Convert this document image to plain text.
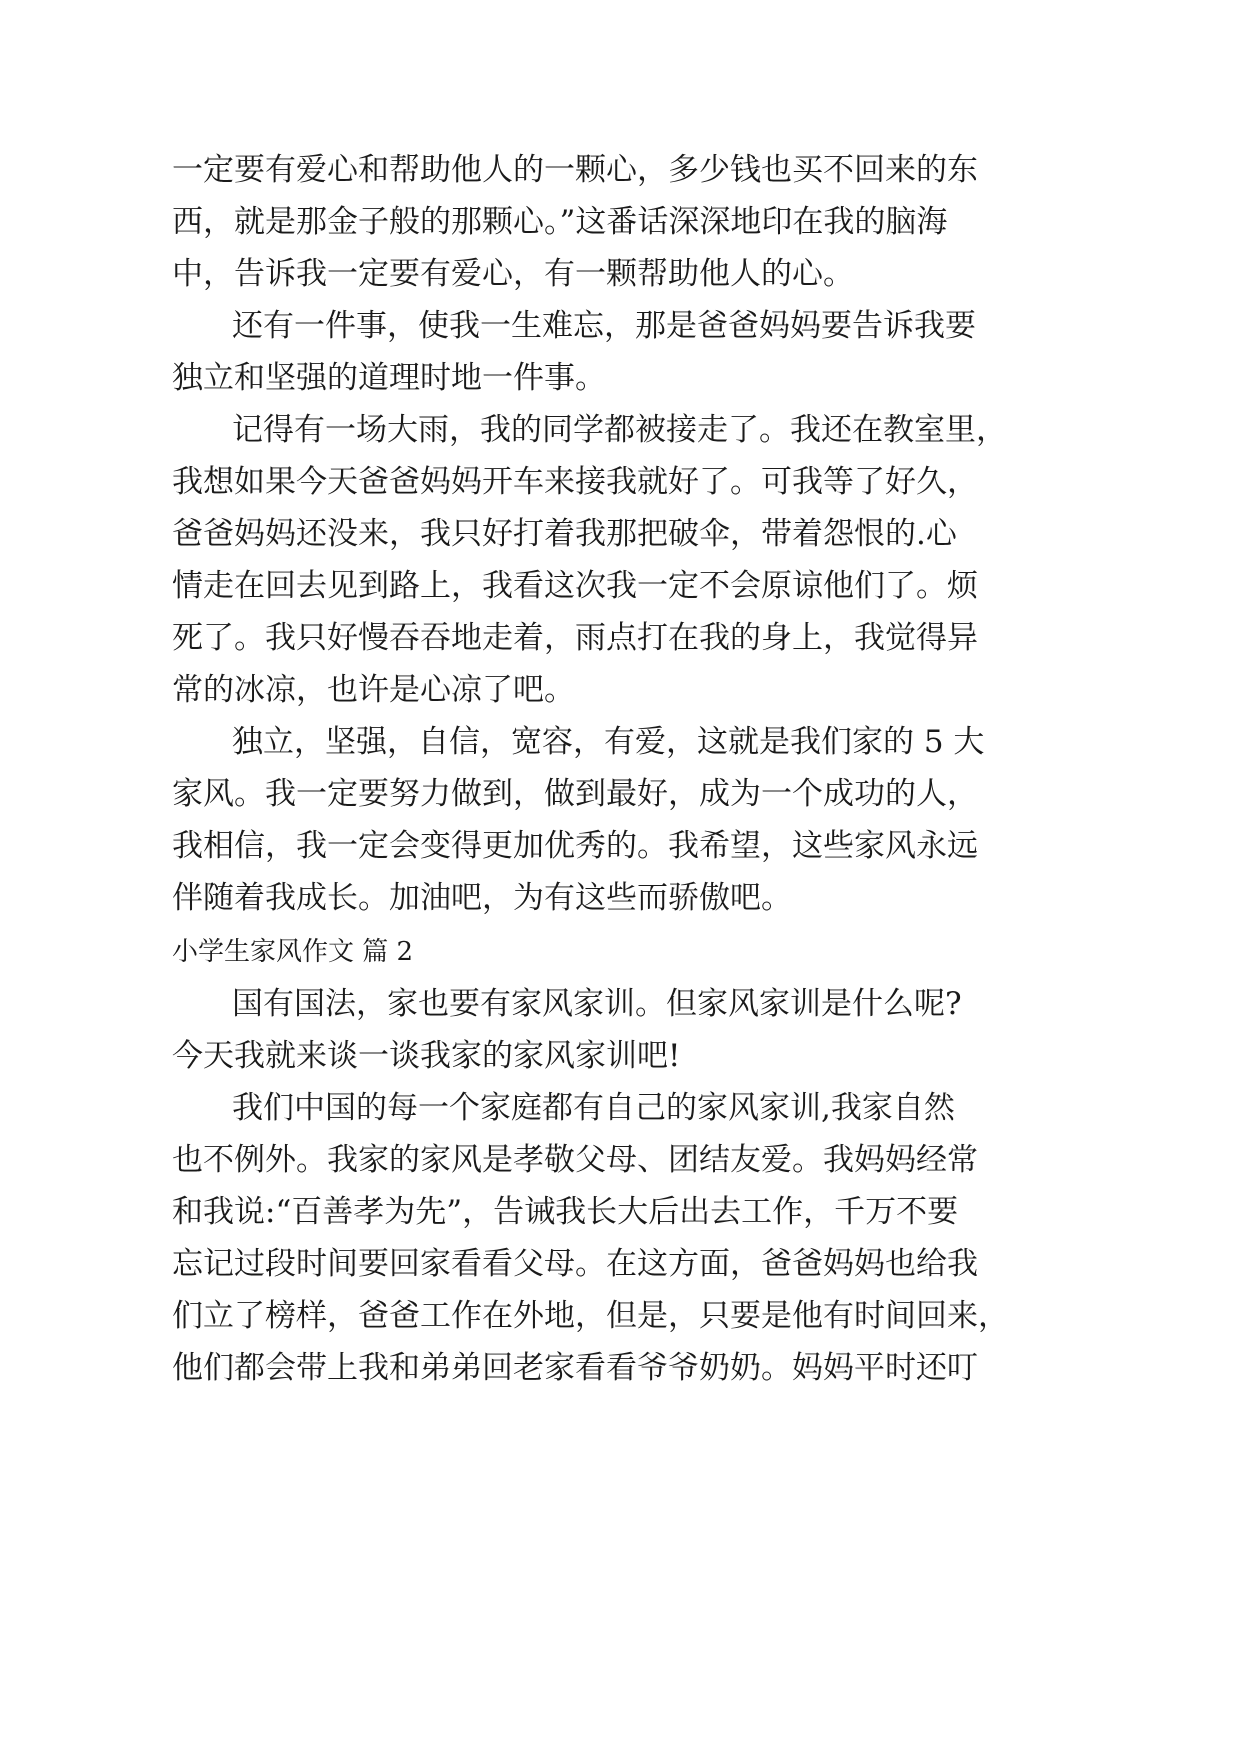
一定要有爱心和帮助他人的一颗心，多少钱也买不回来的东
西，就是那金子般的那颗心。”这番话深深地印在我的脑海
中，告诉我一定要有爱心，有一颗帮助他人的心。
还有一件事，使我一生难忘，那是爸爸妈妈要告诉我要
独立和坚强的道理时地一件事。
记得有一场大雨，我的同学都被接走了。我还在教室里，
我想如果今天爸爸妈妈开车来接我就好了。可我等了好久，
爸爸妈妈还没来，我只好打着我那把破伞，带着怨恨的.心
情走在回去见到路上，我看这次我一定不会原谅他们了。烦
死了。我只好慢吞吞地走着，雨点打在我的身上，我觉得异
常的冰凉，也许是心凉了吧。
独立，坚强，自信，宽容，有爱，这就是我们家的 5 大
家风。我一定要努力做到，做到最好，成为一个成功的人，
我相信，我一定会变得更加优秀的。我希望，这些家风永远
伴随着我成长。加油吧，为有这些而骄傲吧。
小学生家风作文 篇 2
国有国法，家也要有家风家训。但家风家训是什么呢?
今天我就来谈一谈我家的家风家训吧!
我们中国的每一个家庭都有自己的家风家训,我家自然
也不例外。我家的家风是孝敬父母、团结友爱。我妈妈经常
和我说:“百善孝为先”，告诫我长大后出去工作，千万不要
忘记过段时间要回家看看父母。在这方面，爸爸妈妈也给我
们立了榜样，爸爸工作在外地，但是，只要是他有时间回来，
他们都会带上我和弟弟回老家看看爷爷奶奶。妈妈平时还叮
